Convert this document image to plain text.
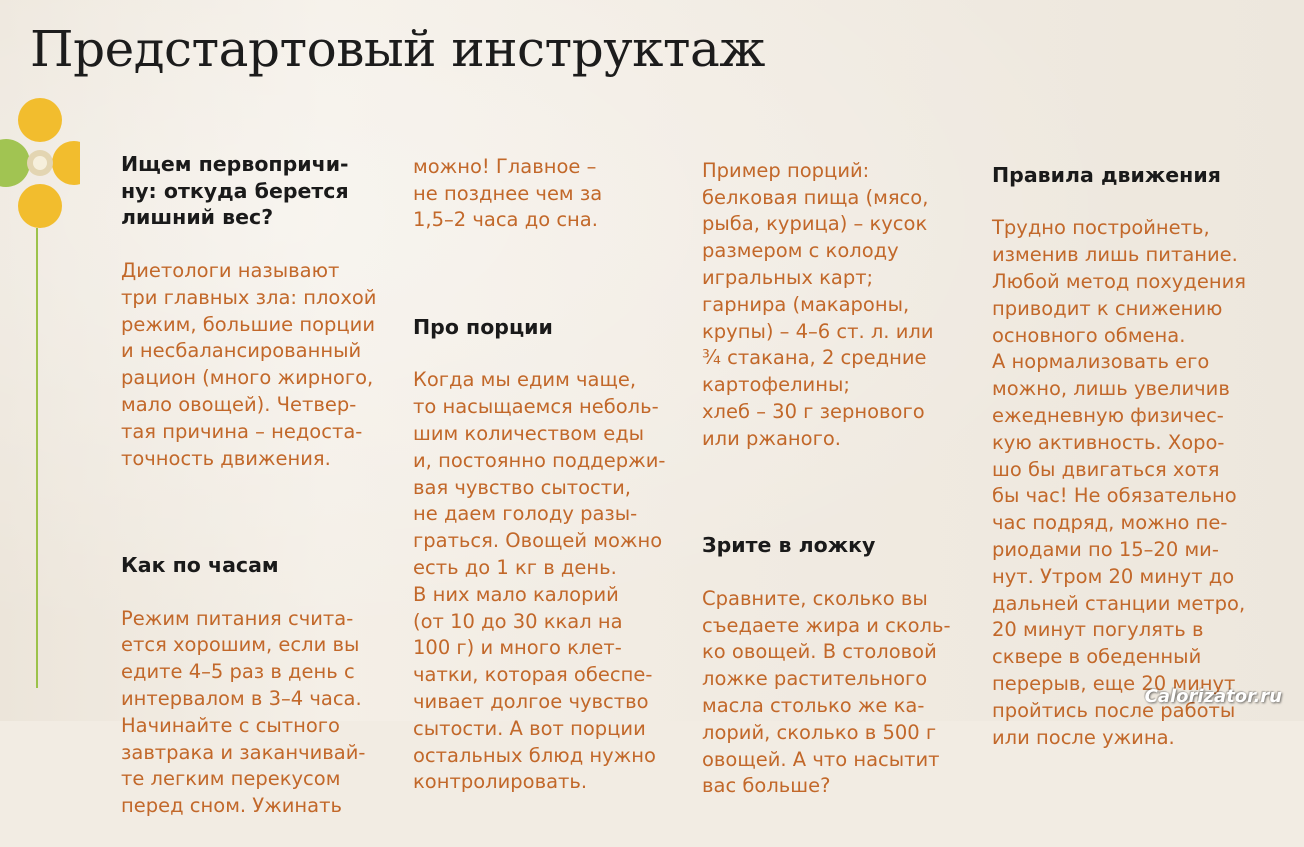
Предстартовый инструктаж

Ищем первопричи-
ну: откуда берется
лишний вес?

Диетологи называют
три главных зла: плохой
режим, большие порции
и несбалансированный
рацион (много жирного,
мало овощей). Четвер-
тая причина – недоста-
точность движения.

Как по часам

Режим питания счита-
ется хорошим, если вы
едите 4–5 раз в день с
интервалом в 3–4 часа.
Начинайте с сытного
завтрака и заканчивай-
те легким перекусом
перед сном. Ужинать

можно! Главное –
не позднее чем за
1,5–2 часа до сна.

Про порции

Когда мы едим чаще,
то насыщаемся неболь-
шим количеством еды
и, постоянно поддержи-
вая чувство сытости,
не даем голоду разы-
граться. Овощей можно
есть до 1 кг в день.
В них мало калорий
(от 10 до 30 ккал на
100 г) и много клет-
чатки, которая обеспе-
чивает долгое чувство
сытости. А вот порции
остальных блюд нужно
контролировать.

Пример порций:
белковая пища (мясо,
рыба, курица) – кусок
размером с колоду
игральных карт;
гарнира (макароны,
крупы) – 4–6 ст. л. или
¾ стакана, 2 средние
картофелины;
хлеб – 30 г зернового
или ржаного.

Зрите в ложку

Сравните, сколько вы
съедаете жира и сколь-
ко овощей. В столовой
ложке растительного
масла столько же ка-
лорий, сколько в 500 г
овощей. А что насытит
вас больше?

Правила движения

Трудно постройнеть,
изменив лишь питание.
Любой метод похудения
приводит к снижению
основного обмена.
А нормализовать его
можно, лишь увеличив
ежедневную физичес-
кую активность. Хоро-
шо бы двигаться хотя
бы час! Не обязательно
час подряд, можно пе-
риодами по 15–20 ми-
нут. Утром 20 минут до
дальней станции метро,
20 минут погулять в
сквере в обеденный
перерыв, еще 20 минут
пройтись после работы
или после ужина.

Calorizator.ru
